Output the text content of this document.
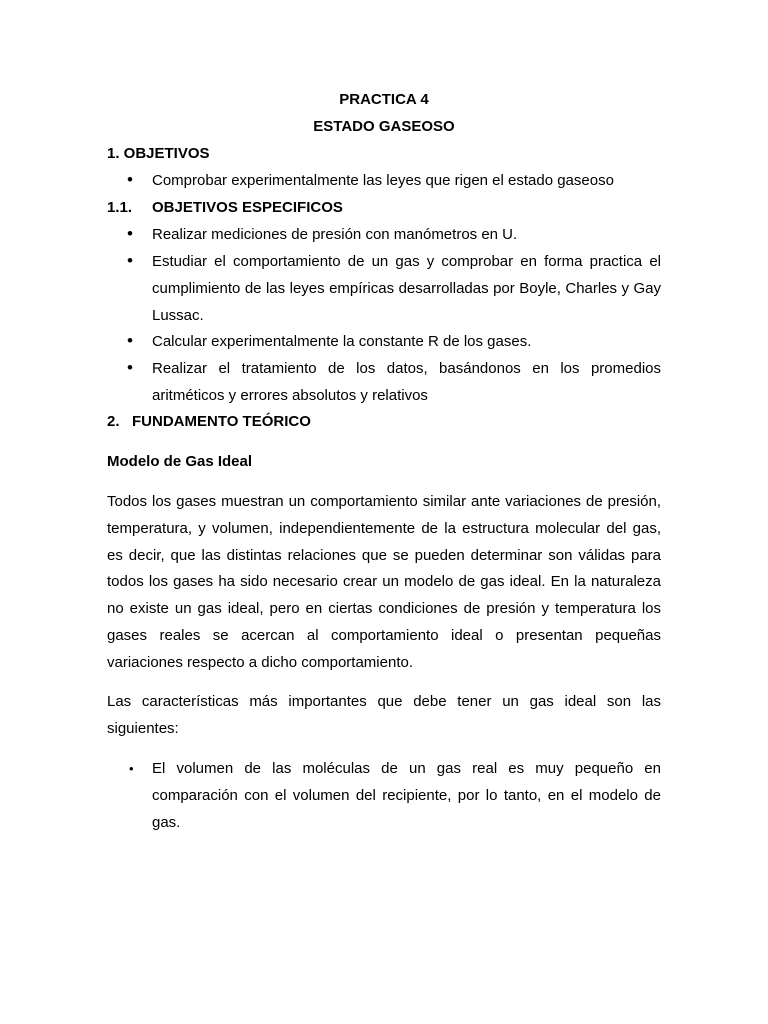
PRACTICA 4
ESTADO GASEOSO
1. OBJETIVOS
• Comprobar experimentalmente las leyes que rigen el estado gaseoso
1.1. OBJETIVOS ESPECIFICOS
• Realizar mediciones de presión con manómetros en U.
• Estudiar el comportamiento de un gas y comprobar en forma practica el cumplimiento de las leyes empíricas desarrolladas por Boyle, Charles y Gay Lussac.
• Calcular experimentalmente la constante R de los gases.
• Realizar el tratamiento de los datos, basándonos en los promedios aritméticos y errores absolutos y relativos
2. FUNDAMENTO TEÓRICO
Modelo de Gas Ideal
Todos los gases muestran un comportamiento similar ante variaciones de presión, temperatura, y volumen, independientemente de la estructura molecular del gas, es decir, que las distintas relaciones que se pueden determinar son válidas para todos los gases ha sido necesario crear un modelo de gas ideal. En la naturaleza no existe un gas ideal, pero en ciertas condiciones de presión y temperatura los gases reales se acercan al comportamiento ideal o presentan pequeñas variaciones respecto a dicho comportamiento.
Las características más importantes que debe tener un gas ideal son las siguientes:
• El volumen de las moléculas de un gas real es muy pequeño en comparación con el volumen del recipiente, por lo tanto, en el modelo de gas.
